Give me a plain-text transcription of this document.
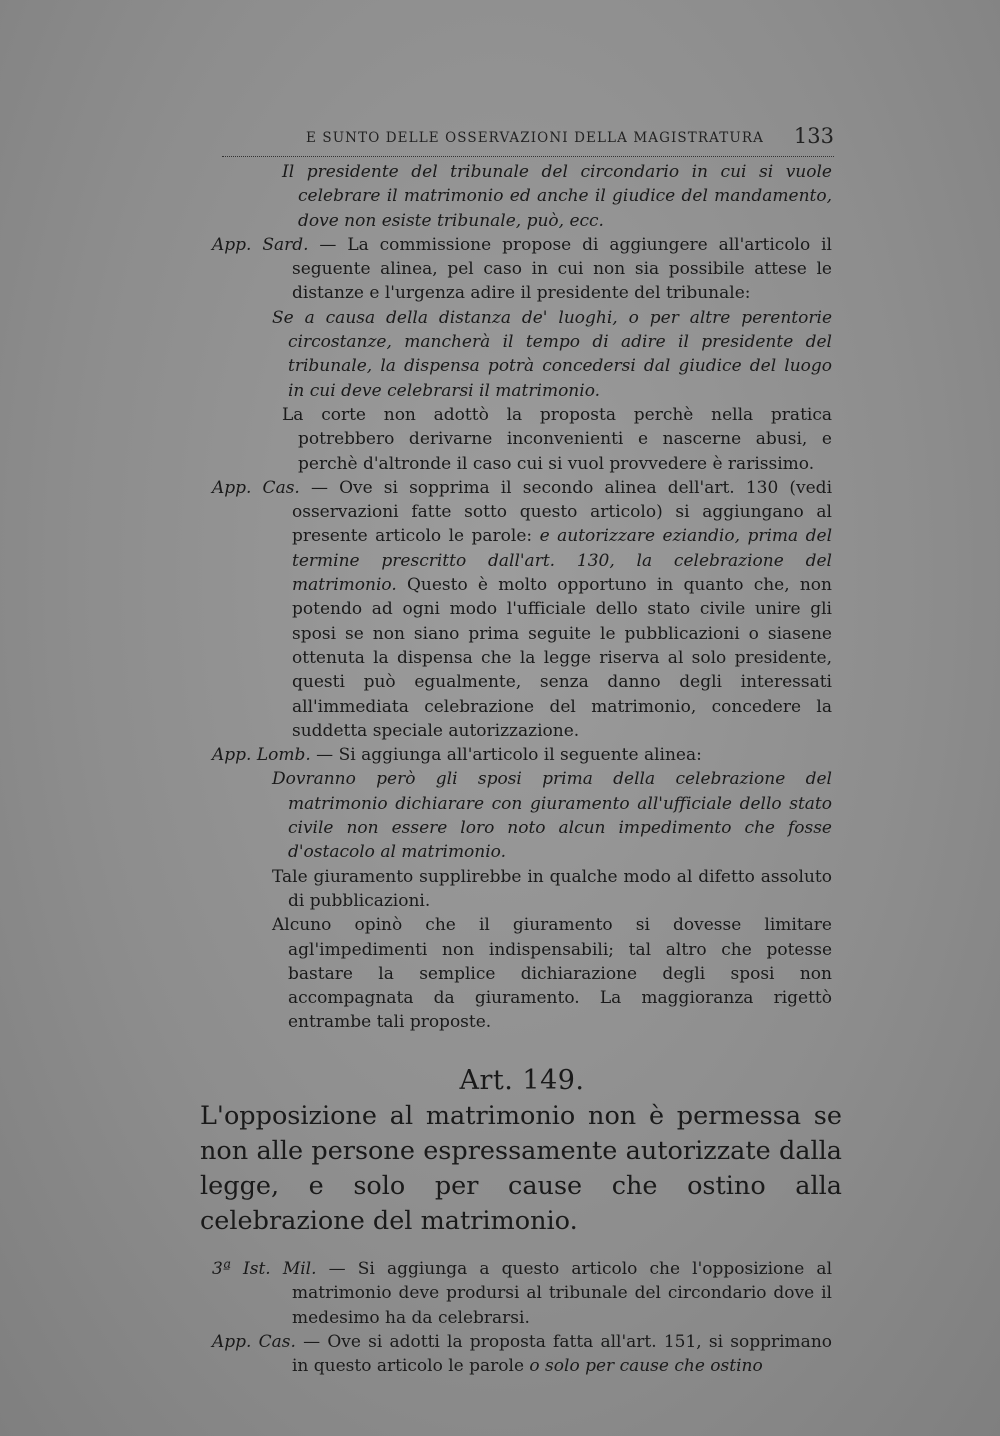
E SUNTO DELLE OSSERVAZIONI DELLA MAGISTRATURA 133

Il presidente del tribunale del circondario in cui si vuole celebrare il matrimonio ed anche il giudice del mandamento, dove non esiste tribunale, può, ecc.

App. Sard. — La commissione propose di aggiungere all'articolo il seguente alinea, pel caso in cui non sia possibile attese le distanze e l'urgenza adire il presidente del tribunale:

Se a causa della distanza de' luoghi, o per altre perentorie circostanze, mancherà il tempo di adire il presidente del tribunale, la dispensa potrà concedersi dal giudice del luogo in cui deve celebrarsi il matrimonio.

La corte non adottò la proposta perchè nella pratica potrebbero derivarne inconvenienti e nascerne abusi, e perchè d'altronde il caso cui si vuol provvedere è rarissimo.

App. Cas. — Ove si sopprima il secondo alinea dell'art. 130 (vedi osservazioni fatte sotto questo articolo) si aggiungano al presente articolo le parole: e autorizzare eziandio, prima del termine prescritto dall'art. 130, la celebrazione del matrimonio. Questo è molto opportuno in quanto che, non potendo ad ogni modo l'ufficiale dello stato civile unire gli sposi se non siano prima seguite le pubblicazioni o siasene ottenuta la dispensa che la legge riserva al solo presidente, questi può egualmente, senza danno degli interessati all'immediata celebrazione del matrimonio, concedere la suddetta speciale autorizzazione.

App. Lomb. — Si aggiunga all'articolo il seguente alinea:

Dovranno però gli sposi prima della celebrazione del matrimonio dichiarare con giuramento all'ufficiale dello stato civile non essere loro noto alcun impedimento che fosse d'ostacolo al matrimonio.

Tale giuramento supplirebbe in qualche modo al difetto assoluto di pubblicazioni.

Alcuno opinò che il giuramento si dovesse limitare agl'impedimenti non indispensabili; tal altro che potesse bastare la semplice dichiarazione degli sposi non accompagnata da giuramento. La maggioranza rigettò entrambe tali proposte.

Art. 149.

L'opposizione al matrimonio non è permessa se non alle persone espressamente autorizzate dalla legge, e solo per cause che ostino alla celebrazione del matrimonio.

3ª Ist. Mil. — Si aggiunga a questo articolo che l'opposizione al matrimonio deve prodursi al tribunale del circondario dove il medesimo ha da celebrarsi.

App. Cas. — Ove si adotti la proposta fatta all'art. 151, si sopprimano in questo articolo le parole o solo per cause che ostino
